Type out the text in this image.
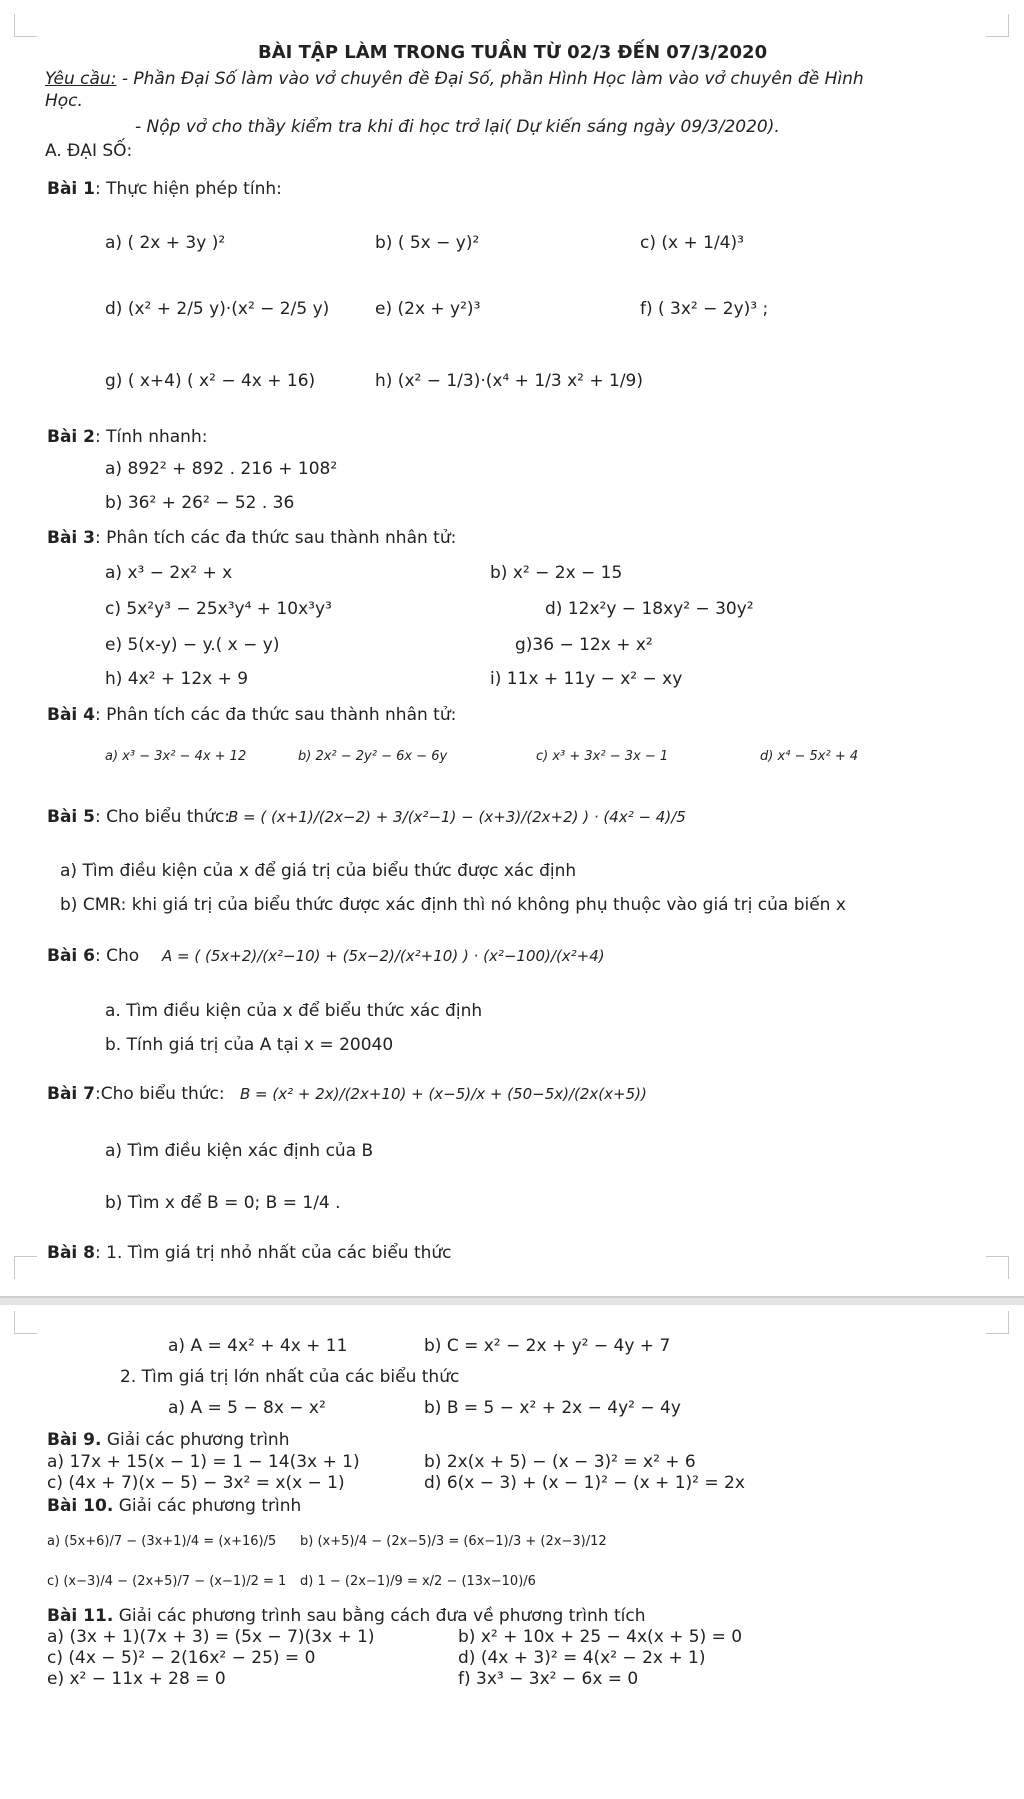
BÀI TẬP LÀM TRONG TUẦN TỪ 02/3 ĐẾN 07/3/2020
Yêu cầu: - Phần Đại Số làm vào vở chuyên đề Đại Số, phần Hình Học làm vào vở chuyên đề Hình
Học.
- Nộp vở cho thầy kiểm tra khi đi học trở lại( Dự kiến sáng ngày 09/3/2020).
A. ĐẠI SỐ:
Bài 1: Thực hiện phép tính:
a) ( 2x + 3y )²	b) ( 5x − y)²	c) (x + 1/4)³
d) (x² + 2/5 y)·(x² − 2/5 y)	e) (2x + y²)³	f) ( 3x² − 2y)³ ;
g) ( x+4) ( x² − 4x + 16)	h) (x² − 1/3)·(x⁴ + 1/3 x² + 1/9)
Bài 2: Tính nhanh:
a) 892² + 892 . 216 + 108²
b) 36² + 26² − 52 . 36
Bài 3: Phân tích các đa thức sau thành nhân tử:
a) x³ − 2x² + x	b) x² − 2x − 15
c) 5x²y³ − 25x³y⁴ + 10x³y³	d) 12x²y − 18xy² − 30y²
e) 5(x-y) − y.( x − y)	g)36 − 12x + x²
h) 4x² + 12x + 9	i) 11x + 11y − x² − xy
Bài 4: Phân tích các đa thức sau thành nhân tử:
a) x³ − 3x² − 4x + 12	b) 2x² − 2y² − 6x − 6y	c) x³ + 3x² − 3x − 1	d) x⁴ − 5x² + 4
Bài 5: Cho biểu thức:
B = ( (x+1)/(2x−2) + 3/(x²−1) − (x+3)/(2x+2) ) · (4x² − 4)/5
a) Tìm điều kiện của x để giá trị của biểu thức được xác định
b) CMR: khi giá trị của biểu thức được xác định thì nó không phụ thuộc vào giá trị của biến x
Bài 6: Cho A = ( (5x+2)/(x²−10) + (5x−2)/(x²+10) ) · (x²−100)/(x²+4)
a. Tìm điều kiện của x để biểu thức xác định
b. Tính giá trị của A tại x = 20040
Bài 7:Cho biểu thức: B = (x² + 2x)/(2x+10) + (x−5)/x + (50−5x)/(2x(x+5))
a) Tìm điều kiện xác định của B
b) Tìm x để B = 0; B = 1/4 .
Bài 8: 1. Tìm giá trị nhỏ nhất của các biểu thức
a) A = 4x² + 4x + 11	b) C = x² − 2x + y² − 4y + 7
2. Tìm giá trị lớn nhất của các biểu thức
a) A = 5 − 8x − x²	b) B = 5 − x² + 2x − 4y² − 4y
Bài 9. Giải các phương trình
a) 17x + 15(x − 1) = 1 − 14(3x + 1)	b) 2x(x + 5) − (x − 3)² = x² + 6
c) (4x + 7)(x − 5) − 3x² = x(x − 1)	d) 6(x − 3) + (x − 1)² − (x + 1)² = 2x
Bài 10. Giải các phương trình
a) (5x+6)/7 − (3x+1)/4 = (x+16)/5 b) (x+5)/4 − (2x−5)/3 = (6x−1)/3 + (2x−3)/12
c) (x−3)/4 − (2x+5)/7 − (x−1)/2 = 1 d) 1 − (2x−1)/9 = x/2 − (13x−10)/6
Bài 11. Giải các phương trình sau bằng cách đưa về phương trình tích
a) (3x + 1)(7x + 3) = (5x − 7)(3x + 1)	b) x² + 10x + 25 − 4x(x + 5) = 0
c) (4x − 5)² − 2(16x² − 25) = 0	d) (4x + 3)² = 4(x² − 2x + 1)
e) x² − 11x + 28 = 0	f) 3x³ − 3x² − 6x = 0
